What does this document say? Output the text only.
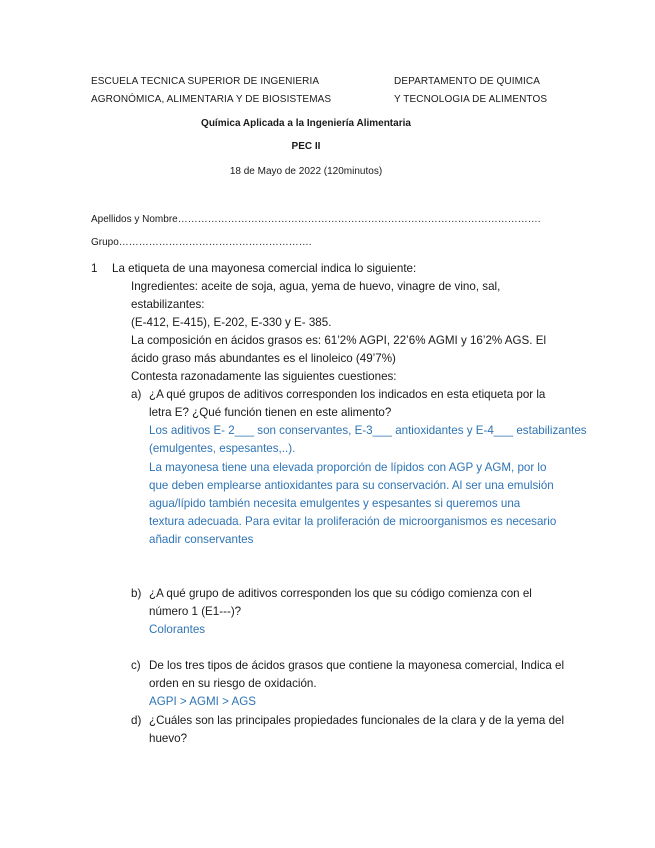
ESCUELA TECNICA SUPERIOR DE INGENIERIA
AGRONÓMICA, ALIMENTARIA Y DE BIOSISTEMAS
DEPARTAMENTO DE QUIMICA
Y TECNOLOGIA DE ALIMENTOS
Química Aplicada a la Ingeniería Alimentaria
PEC II
18 de Mayo de 2022 (120minutos)
Apellidos y Nombre……………………………………………………………………………………………….
Grupo………………………………………………….
1 La etiqueta de una mayonesa comercial indica lo siguiente:
Ingredientes: aceite de soja, agua, yema de huevo, vinagre de vino, sal,
estabilizantes:
(E-412, E-415), E-202, E-330 y E- 385.
La composición en ácidos grasos es: 61’2% AGPI, 22’6% AGMI y 16’2% AGS. El
ácido graso más abundantes es el linoleico (49’7%)
Contesta razonadamente las siguientes cuestiones:
a) ¿A qué grupos de aditivos corresponden los indicados en esta etiqueta por la
letra E? ¿Qué función tienen en este alimento?
Los aditivos E- 2___ son conservantes, E-3___ antioxidantes y E-4___ estabilizantes
(emulgentes, espesantes,..).
La mayonesa tiene una elevada proporción de lípidos con AGP y AGM, por lo
que deben emplearse antioxidantes para su conservación. Al ser una emulsión
agua/lípido también necesita emulgentes y espesantes si queremos una
textura adecuada. Para evitar la proliferación de microorganismos es necesario
añadir conservantes
b) ¿A qué grupo de aditivos corresponden los que su código comienza con el
número 1 (E1--‐)?
Colorantes
c) De los tres tipos de ácidos grasos que contiene la mayonesa comercial, Indica el
orden en su riesgo de oxidación.
AGPI > AGMI > AGS
d) ¿Cuáles son las principales propiedades funcionales de la clara y de la yema del
huevo?
